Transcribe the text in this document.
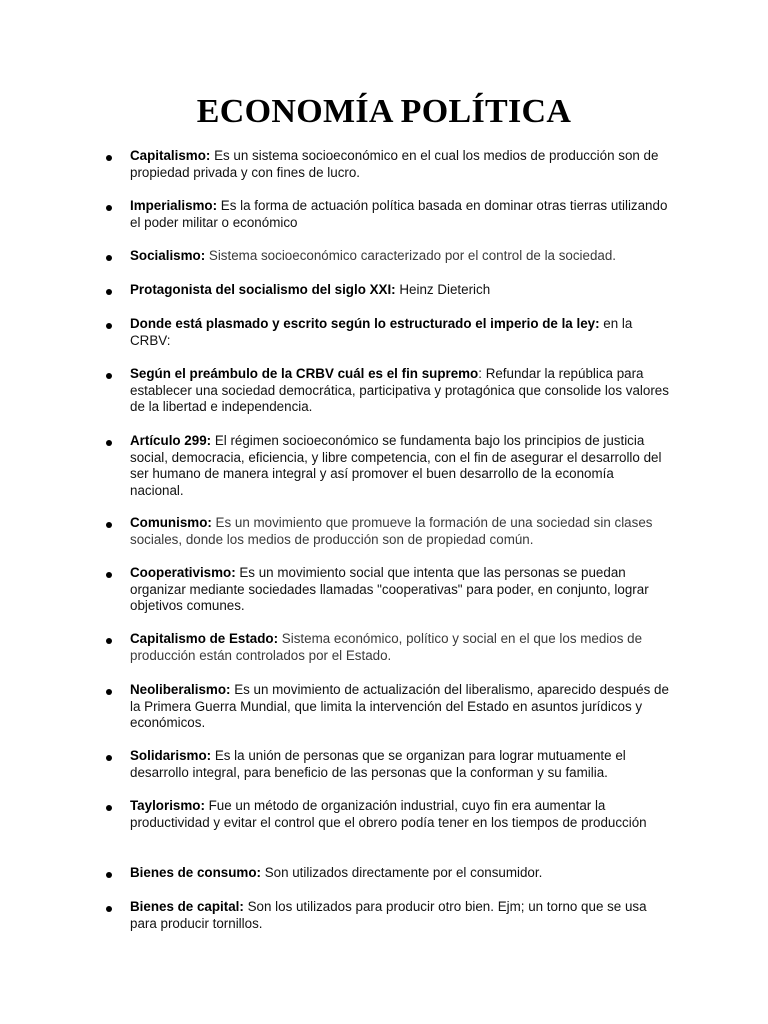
ECONOMÍA POLÍTICA
Capitalismo: Es un sistema socioeconómico en el cual los medios de producción son de propiedad privada y con fines de lucro.
Imperialismo: Es la forma de actuación política basada en dominar otras tierras utilizando el poder militar o económico
Socialismo: Sistema socioeconómico caracterizado por el control de la sociedad.
Protagonista del socialismo del siglo XXI: Heinz Dieterich
Donde está plasmado y escrito según lo estructurado el imperio de la ley: en la CRBV:
Según el preámbulo de la CRBV cuál es el fin supremo: Refundar la república para establecer una sociedad democrática, participativa y protagónica que consolide los valores de la libertad e independencia.
Artículo 299: El régimen socioeconómico se fundamenta bajo los principios de justicia social, democracia, eficiencia, y libre competencia, con el fin de asegurar el desarrollo del ser humano de manera integral y así promover el buen desarrollo de la economía nacional.
Comunismo: Es un movimiento que promueve la formación de una sociedad sin clases sociales, donde los medios de producción son de propiedad común.
Cooperativismo: Es un movimiento social que intenta que las personas se puedan organizar mediante sociedades llamadas "cooperativas" para poder, en conjunto, lograr objetivos comunes.
Capitalismo de Estado: Sistema económico, político y social en el que los medios de producción están controlados por el Estado.
Neoliberalismo: Es un movimiento de actualización del liberalismo, aparecido después de la Primera Guerra Mundial, que limita la intervención del Estado en asuntos jurídicos y económicos.
Solidarismo: Es la unión de personas que se organizan para lograr mutuamente el desarrollo integral, para beneficio de las personas que la conforman y su familia.
Taylorismo: Fue un método de organización industrial, cuyo fin era aumentar la productividad y evitar el control que el obrero podía tener en los tiempos de producción
Bienes de consumo: Son utilizados directamente por el consumidor.
Bienes de capital: Son los utilizados para producir otro bien. Ejm; un torno que se usa para producir tornillos.
